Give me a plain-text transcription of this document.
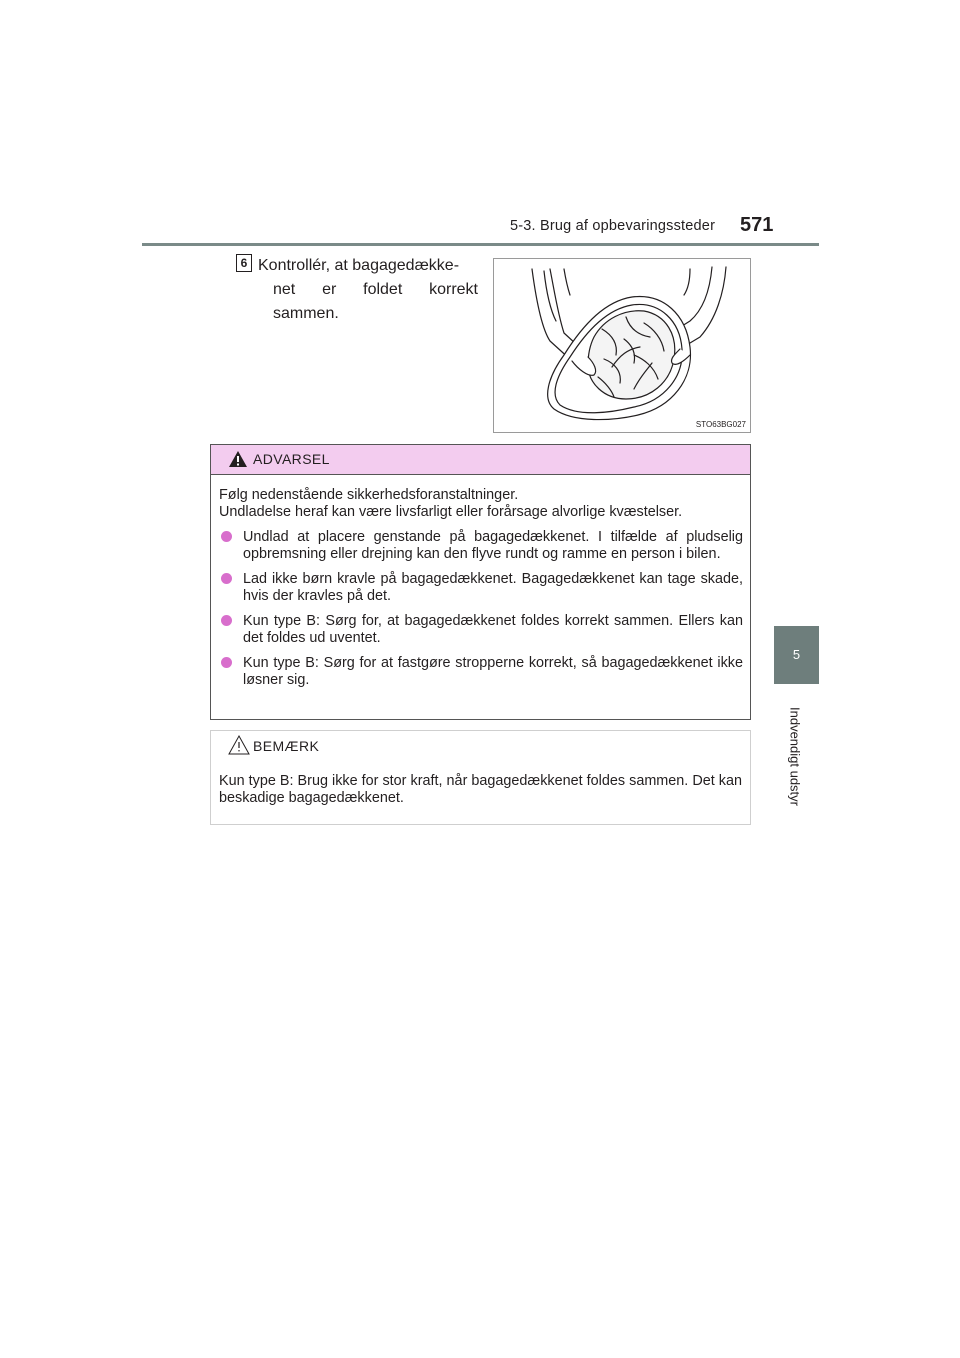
5-3. Brug af opbevaringssteder 571
5
Indvendigt udstyr
6 Kontrollér, at bagagedække-
net er foldet korrekt sammen.
STO63BG027
ADVARSEL
Følg nedenstående sikkerhedsforanstaltninger.
Undladelse heraf kan være livsfarligt eller forårsage alvorlige kvæstelser.
Undlad at placere genstande på bagagedækkenet. I tilfælde af pludselig opbremsning eller drejning kan den flyve rundt og ramme en person i bilen.
Lad ikke børn kravle på bagagedækkenet. Bagagedækkenet kan tage skade, hvis der kravles på det.
Kun type B: Sørg for, at bagagedækkenet foldes korrekt sammen. Ellers kan det foldes ud uventet.
Kun type B: Sørg for at fastgøre stropperne korrekt, så bagagedækkenet ikke løsner sig.
BEMÆRK
Kun type B: Brug ikke for stor kraft, når bagagedækkenet foldes sammen. Det kan beskadige bagagedækkenet.
